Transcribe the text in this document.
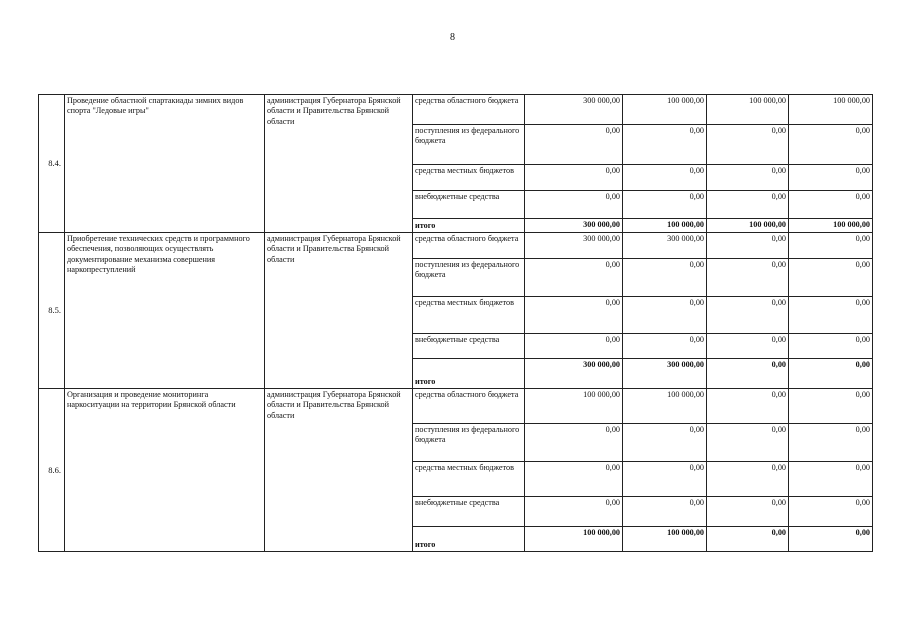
8
8.4.	Проведение областной спартакиады зимних видов спорта "Ледовые игры"	администрация Губернатора Брянской области и Правительства Брянской области	средства областного бюджета	300 000,00	100 000,00	100 000,00	100 000,00
			поступления из федерального бюджета	0,00	0,00	0,00	0,00
			средства местных бюджетов	0,00	0,00	0,00	0,00
			внебюджетные средства	0,00	0,00	0,00	0,00
			итого	300 000,00	100 000,00	100 000,00	100 000,00
8.5.	Приобретение технических средств и программного обеспечения, позволяющих осуществлять документирование механизма совершения наркопреступлений	администрация Губернатора Брянской области и Правительства Брянской области	средства областного бюджета	300 000,00	300 000,00	0,00	0,00
			поступления из федерального бюджета	0,00	0,00	0,00	0,00
			средства местных бюджетов	0,00	0,00	0,00	0,00
			внебюджетные средства	0,00	0,00	0,00	0,00
			итого	300 000,00	300 000,00	0,00	0,00
8.6.	Организация и проведение мониторинга наркоситуации на территории Брянской области	администрация Губернатора Брянской области и Правительства Брянской области	средства областного бюджета	100 000,00	100 000,00	0,00	0,00
			поступления из федерального бюджета	0,00	0,00	0,00	0,00
			средства местных бюджетов	0,00	0,00	0,00	0,00
			внебюджетные средства	0,00	0,00	0,00	0,00
			итого	100 000,00	100 000,00	0,00	0,00
